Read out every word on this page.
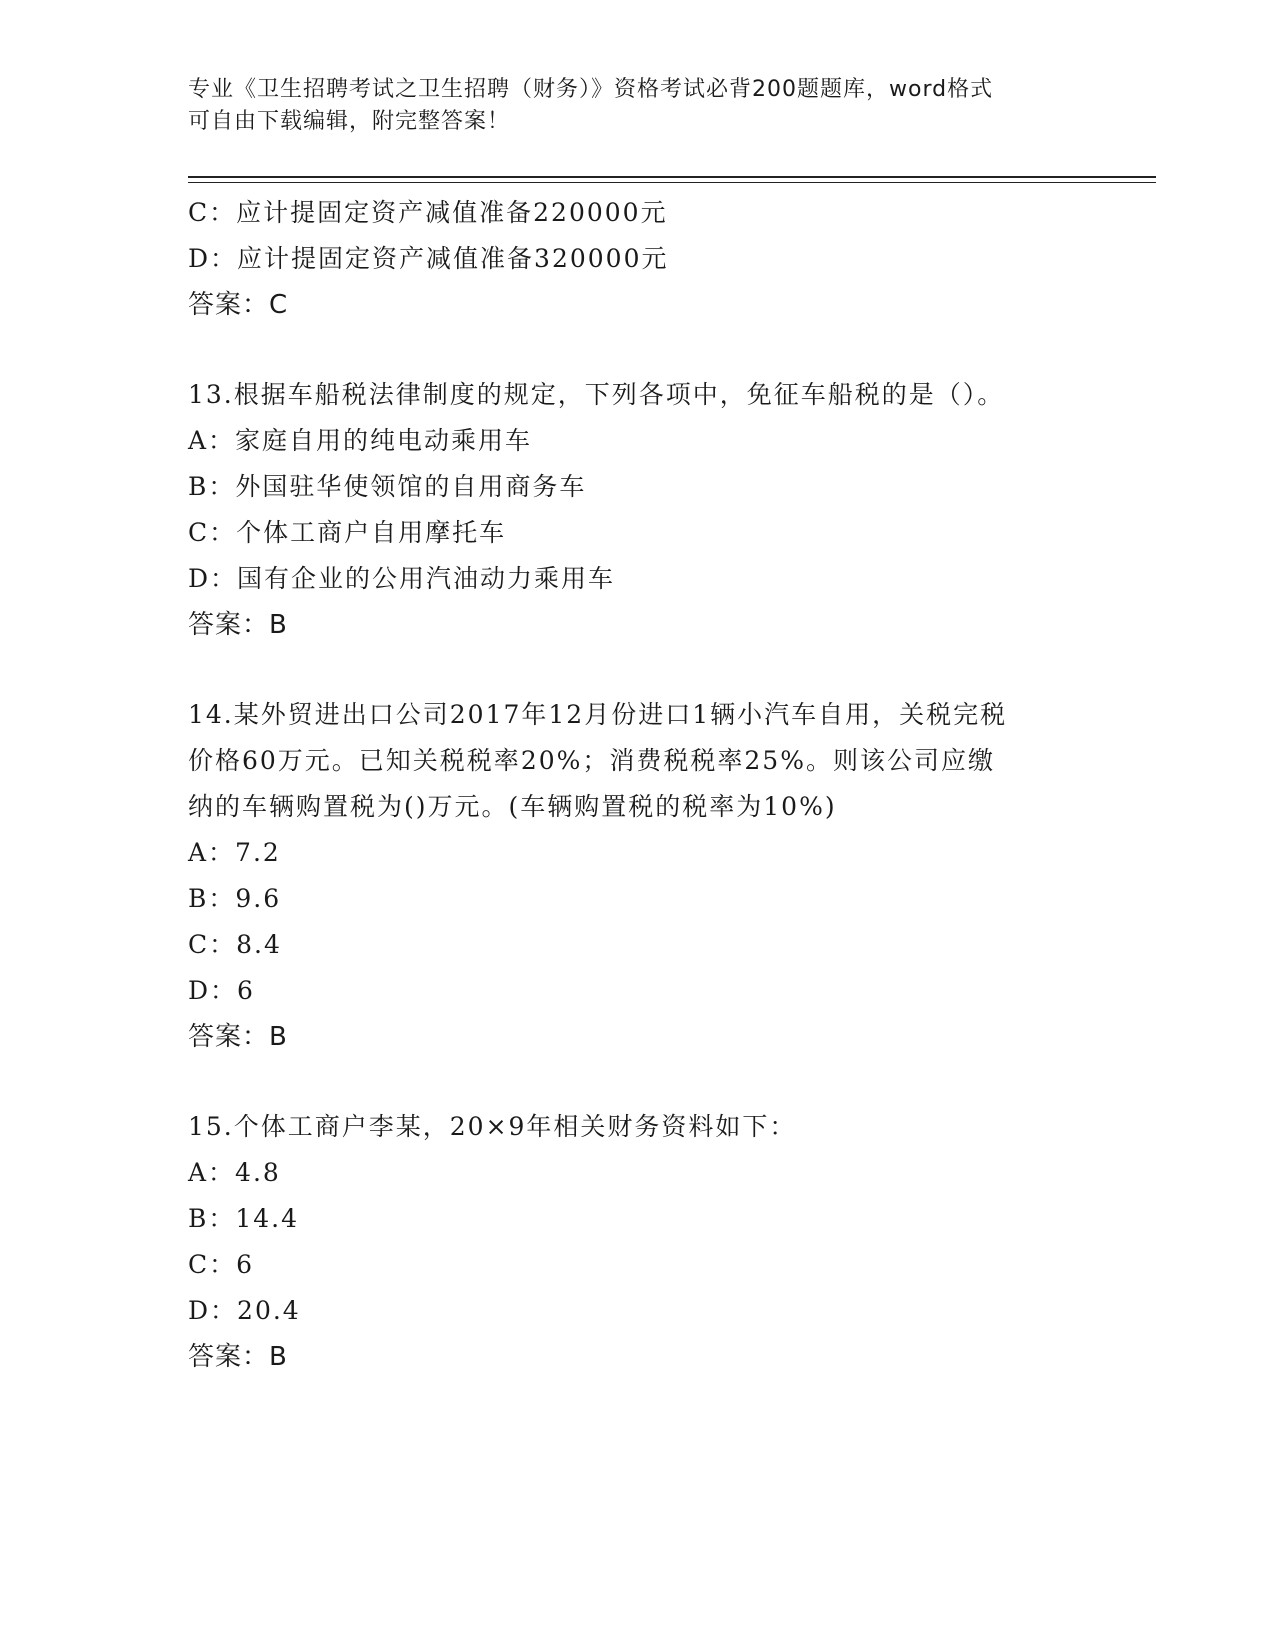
专业《卫生招聘考试之卫生招聘（财务）》资格考试必背200题题库，word格式
可自由下载编辑，附完整答案！
C：应计提固定资产减值准备220000元
D：应计提固定资产减值准备320000元
答案：C
13.根据车船税法律制度的规定，下列各项中，免征车船税的是（）。
A：家庭自用的纯电动乘用车
B：外国驻华使领馆的自用商务车
C：个体工商户自用摩托车
D：国有企业的公用汽油动力乘用车
答案：B
14.某外贸进出口公司2017年12月份进口1辆小汽车自用，关税完税
价格60万元。已知关税税率20%；消费税税率25%。则该公司应缴
纳的车辆购置税为()万元。(车辆购置税的税率为10%)
A：7.2
B：9.6
C：8.4
D：6
答案：B
15.个体工商户李某，20×9年相关财务资料如下：
A：4.8
B：14.4
C：6
D：20.4
答案：B
